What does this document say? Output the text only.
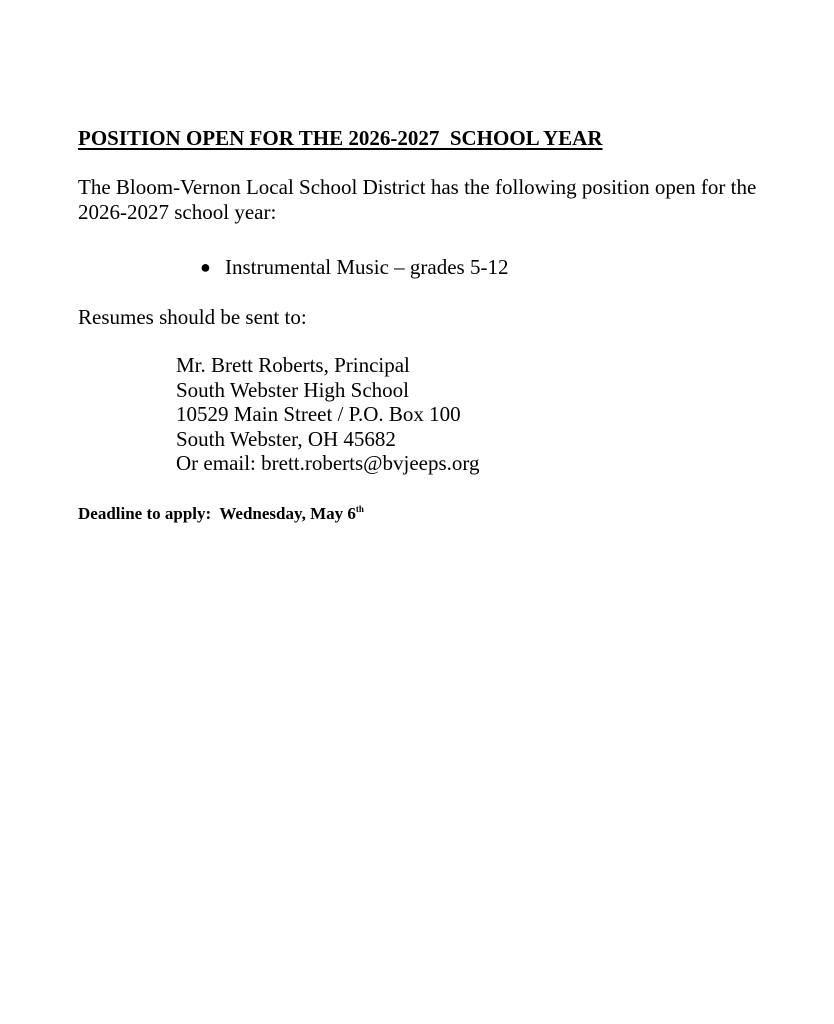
POSITION OPEN FOR THE 2026-2027  SCHOOL YEAR

The Bloom-Vernon Local School District has the following position open for the 2026-2027 school year:

● Instrumental Music – grades 5-12

Resumes should be sent to:

Mr. Brett Roberts, Principal
South Webster High School
10529 Main Street / P.O. Box 100
South Webster, OH 45682
Or email: brett.roberts@bvjeeps.org

Deadline to apply:  Wednesday, May 6th
